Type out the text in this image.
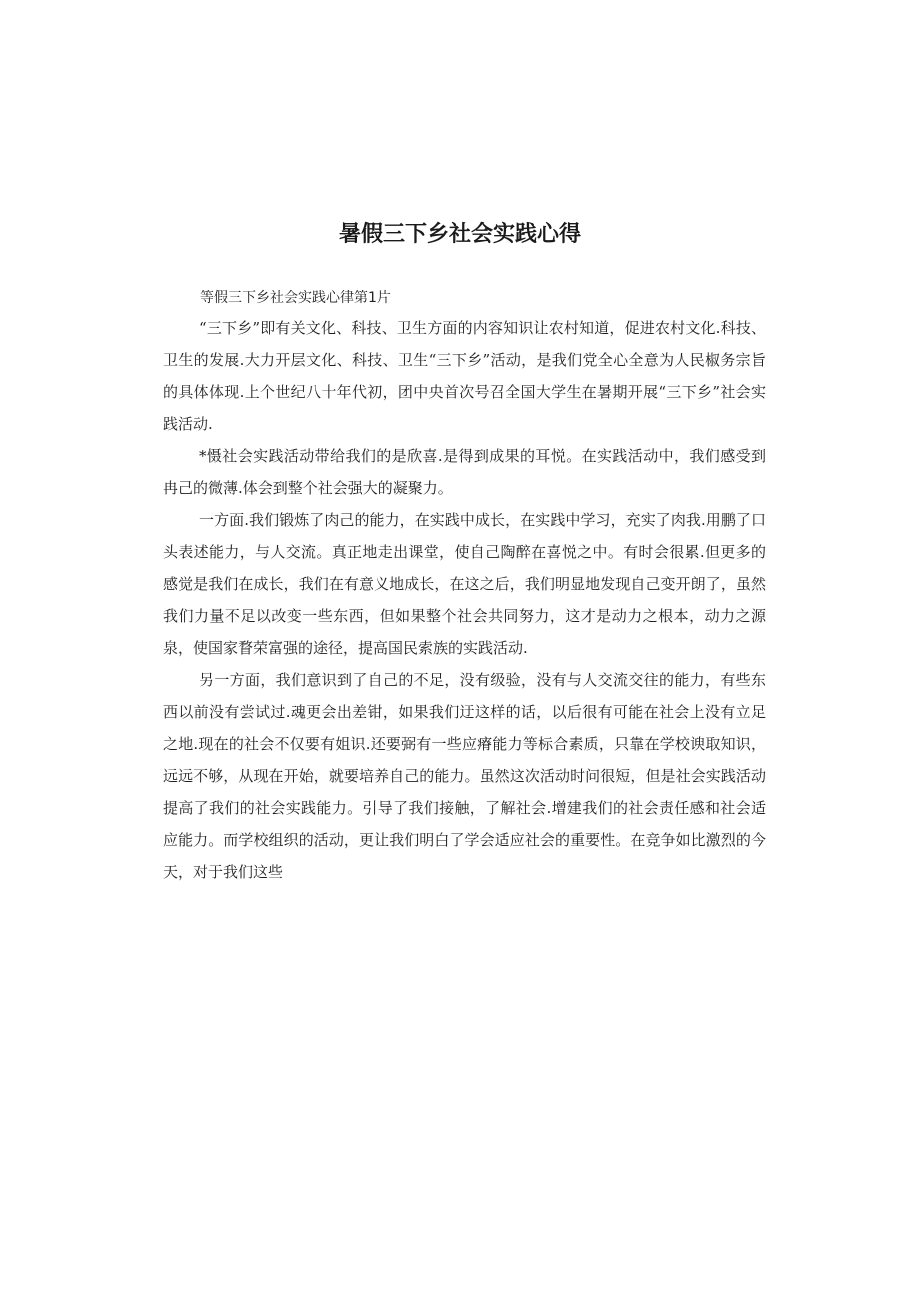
暑假三下乡社会实践心得
等假三下乡社会实践心律第1片

“三下乡”即有关文化、科技、卫生方面的内容知识让农村知道，促进农村文化.科技、卫生的发展.大力开层文化、科技、卫生“三下乡”活动，是我们党全心全意为人民椒务宗旨的具体体现.上个世纪八十年代初，团中央首次号召全国大学生在暑期开展“三下乡”社会实践活动.

*慑社会实践活动带给我们的是欣喜.是得到成果的耳悦。在实践活动中，我们感受到冉己的微薄.体会到整个社会强大的凝聚力。

一方面.我们锻炼了肉己的能力，在实践中成长，在实践中学习，充实了肉我.用鹏了口头表述能力，与人交流。真正地走出课堂，使自己陶醉在喜悦之中。有时会很累.但更多的感觉是我们在成长，我们在有意义地成长，在这之后，我们明显地发现自己变开朗了，虽然我们力量不足以改变一些东西，但如果整个社会共同努力，这才是动力之根本，动力之源泉，使国家瞀荣富强的途径，提高国民索族的实践活动.

另一方面，我们意识到了自己的不足，没有级验，没有与人交流交往的能力，有些东西以前没有尝试过.魂更会出差钳，如果我们迂这样的话，以后很有可能在社会上没有立足之地.现在的社会不仅要有姐识.还要弼有一些应瘠能力等标合素质，只靠在学校谀取知识，远远不够，从现在开始，就要培养自己的能力。虽然这次活动时问很短，但是社会实践活动提高了我们的社会实践能力。引导了我们接触，了解社会.增建我们的社会责任感和社会适应能力。而学校组织的活动，更让我们明白了学会适应社会的重要性。在竞争如比激烈的今天，对于我们这些
